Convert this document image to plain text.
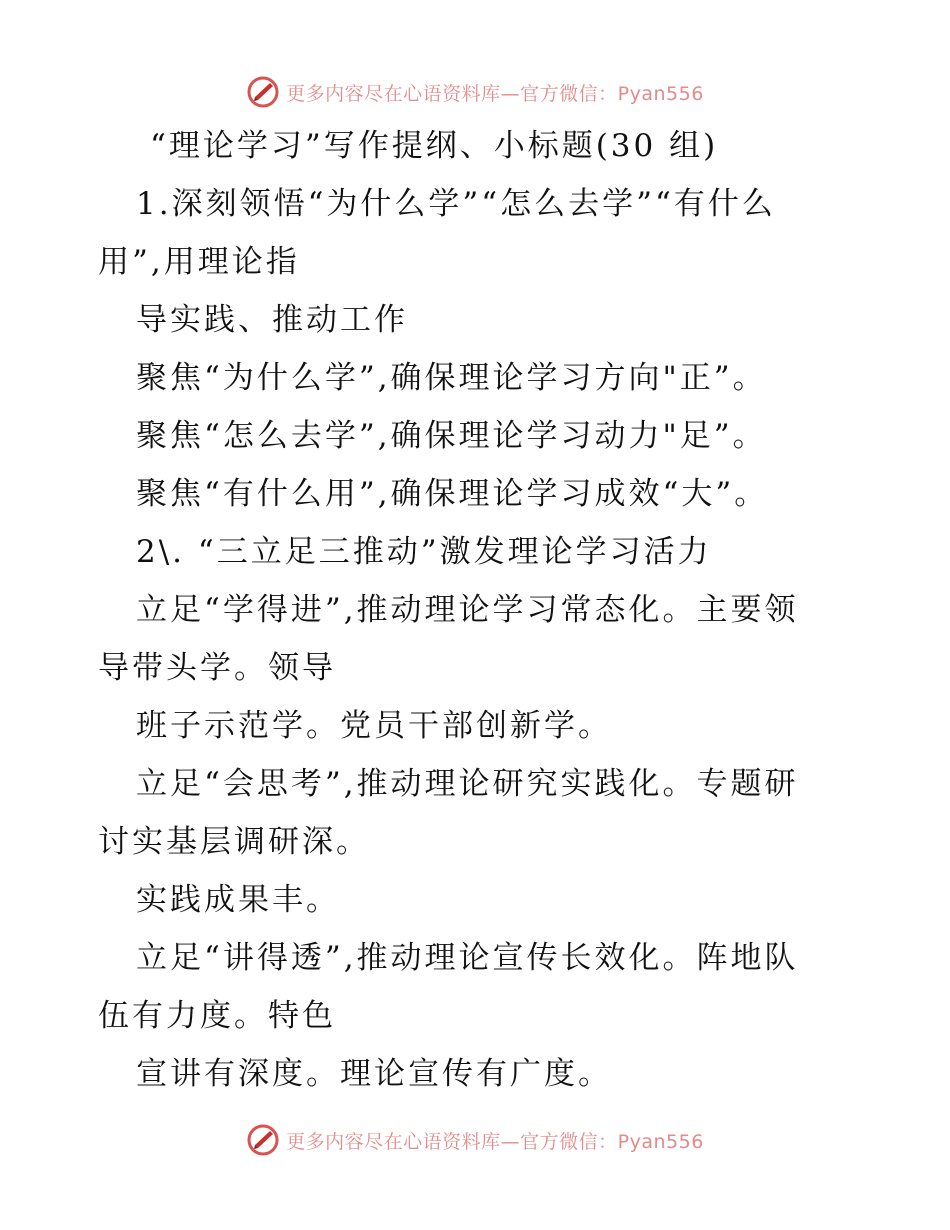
更多内容尽在心语资料库—官方微信：Pyan556
“理论学习”写作提纲、小标题(30 组)
1.深刻领悟“为什么学”“怎么去学”“有什么
用”,用理论指
导实践、推动工作
聚焦“为什么学”,确保理论学习方向"正”。
聚焦“怎么去学”,确保理论学习动力"足”。
聚焦“有什么用”,确保理论学习成效“大”。
2\. “三立足三推动”激发理论学习活力
立足“学得进”,推动理论学习常态化。主要领
导带头学。领导
班子示范学。党员干部创新学。
立足“会思考”,推动理论研究实践化。专题研
讨实基层调研深。
实践成果丰。
立足“讲得透”,推动理论宣传长效化。阵地队
伍有力度。特色
宣讲有深度。理论宣传有广度。
更多内容尽在心语资料库—官方微信：Pyan556
